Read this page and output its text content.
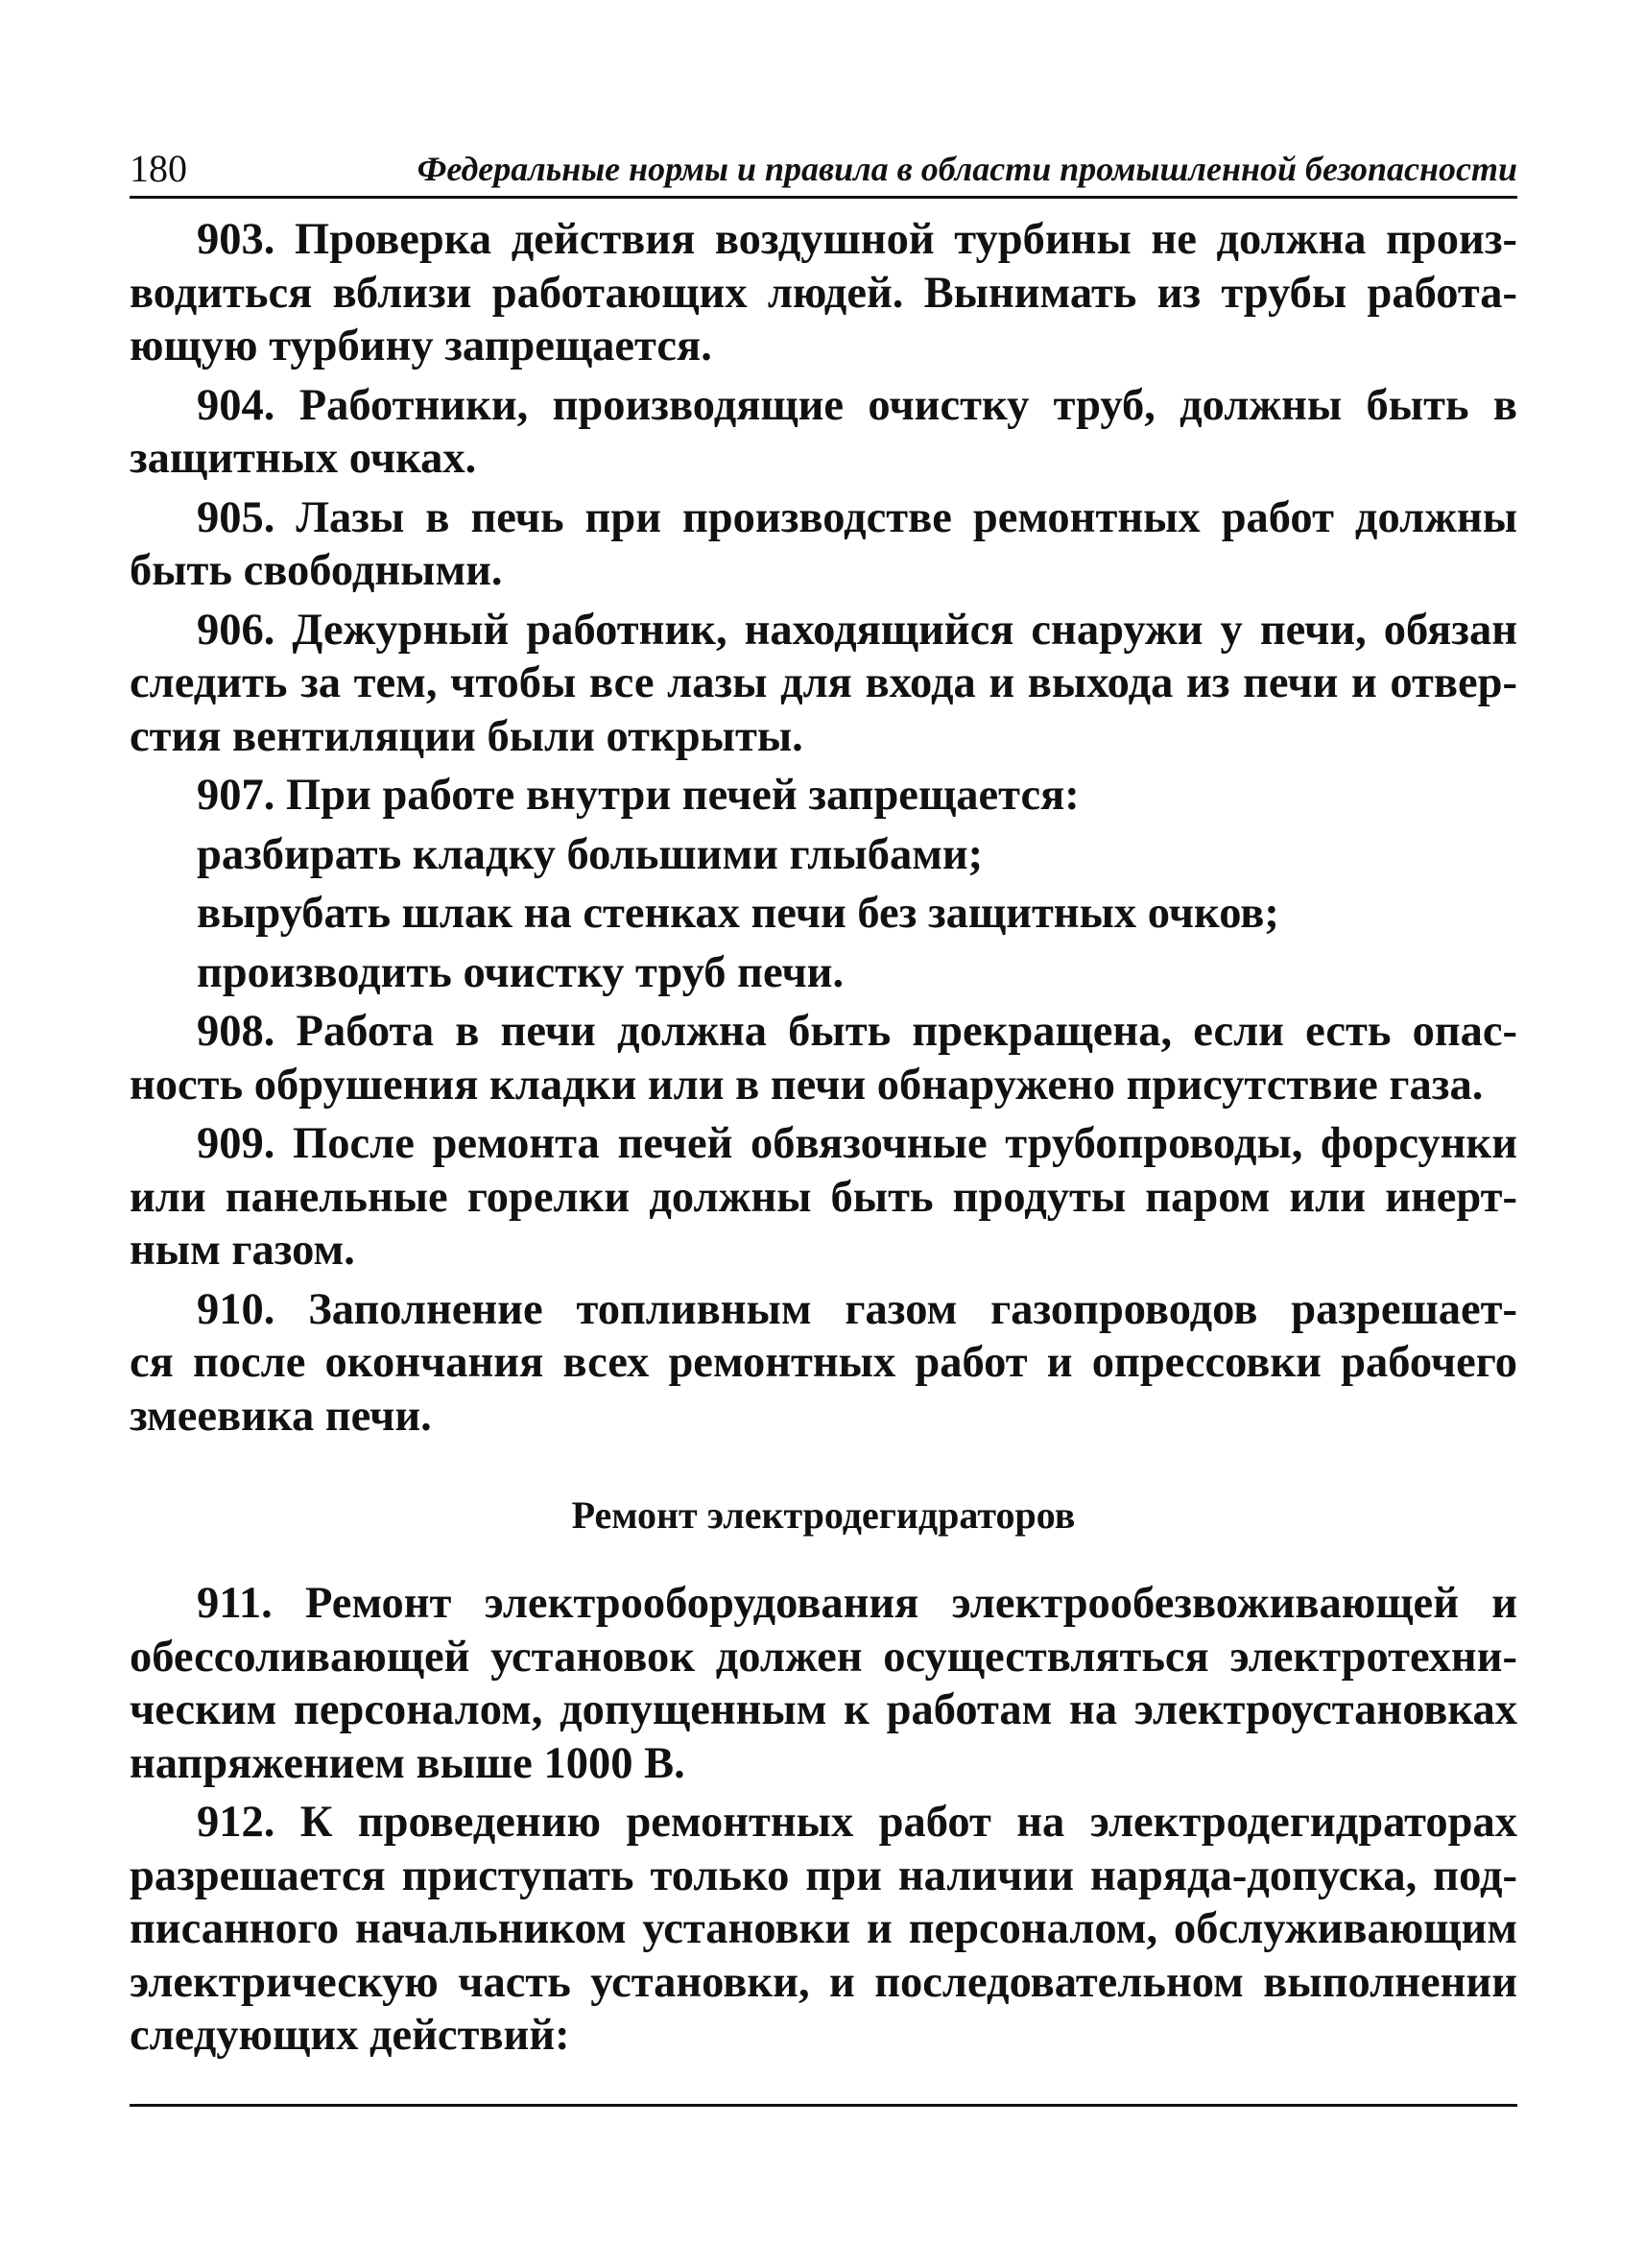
180	Федеральные нормы и правила в области промышленной безопасности

903. Проверка действия воздушной турбины не должна произ-
водиться вблизи работающих людей. Вынимать из трубы работа-
ющую турбину запрещается.

904. Работники, производящие очистку труб, должны быть в
защитных очках.

905. Лазы в печь при производстве ремонтных работ должны
быть свободными.

906. Дежурный работник, находящийся снаружи у печи, обязан
следить за тем, чтобы все лазы для входа и выхода из печи и отвер-
стия вентиляции были открыты.

907. При работе внутри печей запрещается:
разбирать кладку большими глыбами;
вырубать шлак на стенках печи без защитных очков;
производить очистку труб печи.

908. Работа в печи должна быть прекращена, если есть опас-
ность обрушения кладки или в печи обнаружено присутствие газа.

909. После ремонта печей обвязочные трубопроводы, форсунки
или панельные горелки должны быть продуты паром или инерт-
ным газом.

910. Заполнение топливным газом газопроводов разрешает-
ся после окончания всех ремонтных работ и опрессовки рабочего
змеевика печи.

Ремонт электродегидраторов

911. Ремонт электрооборудования электрообезвоживающей и
обессоливающей установок должен осуществляться электротехни-
ческим персоналом, допущенным к работам на электроустановках
напряжением выше 1000 В.

912. К проведению ремонтных работ на электродегидраторах
разрешается приступать только при наличии наряда-допуска, под-
писанного начальником установки и персоналом, обслуживающим
электрическую часть установки, и последовательном выполнении
следующих действий:
